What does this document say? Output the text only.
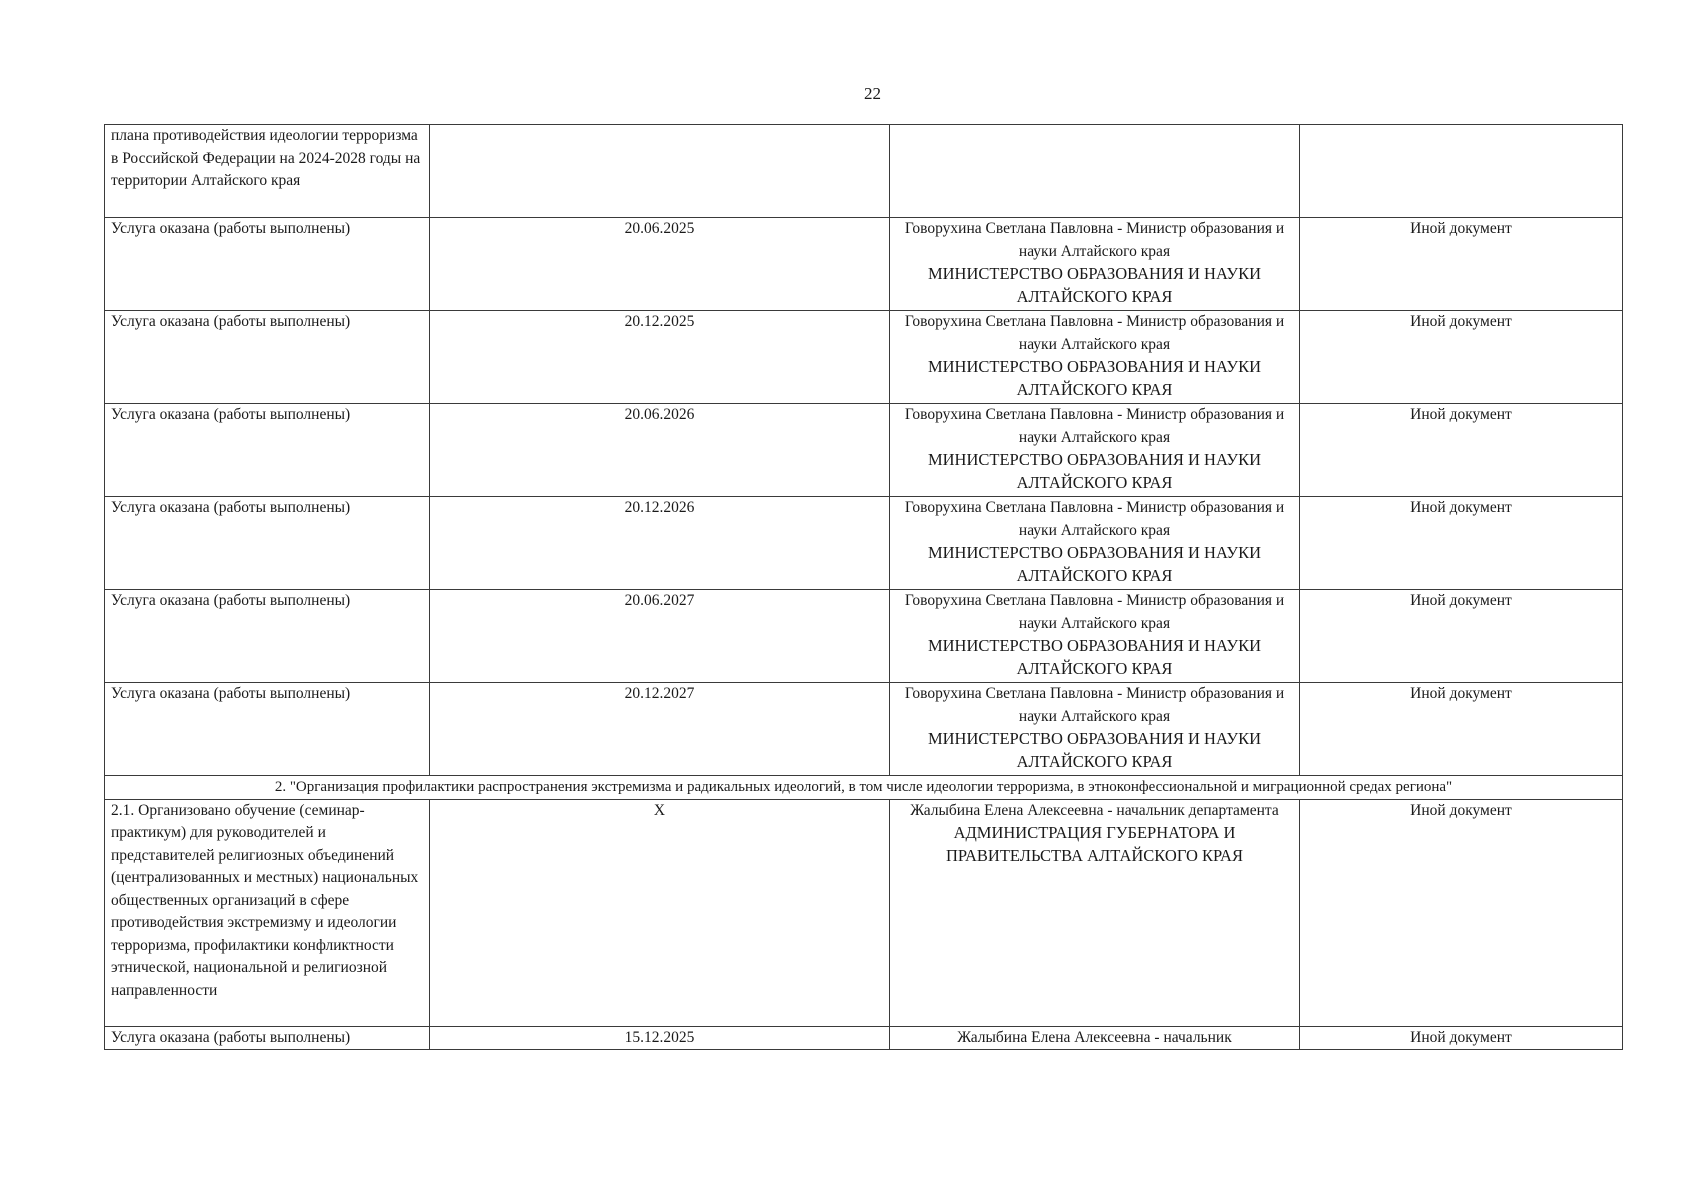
22
плана противодействия идеологии терроризма в Российской Федерации на 2024-2028 годы на территории Алтайского края			
Услуга оказана (работы выполнены)	20.06.2025	Говорухина Светлана Павловна - Министр образования и науки Алтайского края
МИНИСТЕРСТВО ОБРАЗОВАНИЯ И НАУКИ АЛТАЙСКОГО КРАЯ	Иной документ
Услуга оказана (работы выполнены)	20.12.2025	Говорухина Светлана Павловна - Министр образования и науки Алтайского края
МИНИСТЕРСТВО ОБРАЗОВАНИЯ И НАУКИ АЛТАЙСКОГО КРАЯ	Иной документ
Услуга оказана (работы выполнены)	20.06.2026	Говорухина Светлана Павловна - Министр образования и науки Алтайского края
МИНИСТЕРСТВО ОБРАЗОВАНИЯ И НАУКИ АЛТАЙСКОГО КРАЯ	Иной документ
Услуга оказана (работы выполнены)	20.12.2026	Говорухина Светлана Павловна - Министр образования и науки Алтайского края
МИНИСТЕРСТВО ОБРАЗОВАНИЯ И НАУКИ АЛТАЙСКОГО КРАЯ	Иной документ
Услуга оказана (работы выполнены)	20.06.2027	Говорухина Светлана Павловна - Министр образования и науки Алтайского края
МИНИСТЕРСТВО ОБРАЗОВАНИЯ И НАУКИ АЛТАЙСКОГО КРАЯ	Иной документ
Услуга оказана (работы выполнены)	20.12.2027	Говорухина Светлана Павловна - Министр образования и науки Алтайского края
МИНИСТЕРСТВО ОБРАЗОВАНИЯ И НАУКИ АЛТАЙСКОГО КРАЯ	Иной документ
2. "Организация профилактики распространения экстремизма и радикальных идеологий, в том числе идеологии терроризма, в этноконфессиональной и миграционной средах региона"			
2.1. Организовано обучение (семинар-практикум) для руководителей и представителей религиозных объединений (централизованных и местных) национальных общественных организаций в сфере противодействия экстремизму и идеологии терроризма, профилактики конфликтности этнической, национальной и религиозной направленности	X	Жалыбина Елена Алексеевна - начальник департамента
АДМИНИСТРАЦИЯ ГУБЕРНАТОРА И ПРАВИТЕЛЬСТВА АЛТАЙСКОГО КРАЯ	Иной документ
Услуга оказана (работы выполнены)	15.12.2025	Жалыбина Елена Алексеевна - начальник	Иной документ
